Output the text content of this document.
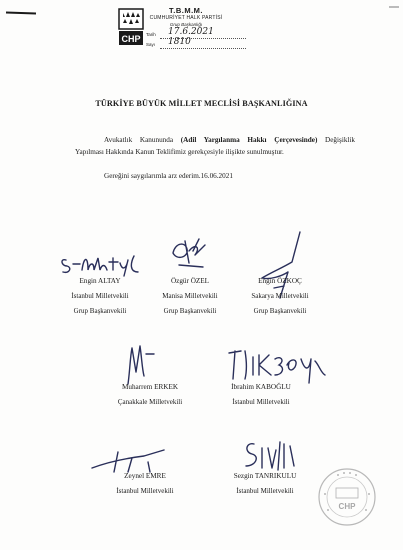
CHP
T.B.M.M.
CUMHURİYET HALK PARTİSİ
Grup Başkanlığı
Tarih 17.6.2021
Sayı 1810
TÜRKİYE BÜYÜK MİLLET MECLİSİ BAŞKANLIĞINA
Avukatlık Kanununda (Adil Yargılanma Hakkı Çerçevesinde) Değişiklik
Yapılması Hakkında Kanun Teklifimiz gerekçesiyle ilişikte sunulmuştur.
Gereğini saygılarımla arz ederim.16.06.2021
Engin ALTAY
İstanbul Milletvekili
Grup Başkanvekili
Özgür ÖZEL
Manisa Milletvekili
Grup Başkanvekili
Engin ÖZKOÇ
Sakarya Milletvekili
Grup Başkanvekili
Muharrem ERKEK
Çanakkale Milletvekili
İbrahim KABOĞLU
İstanbul Milletvekili
Zeynel EMRE
İstanbul Milletvekili
Sezgin TANRIKULU
İstanbul Milletvekili
CHP
